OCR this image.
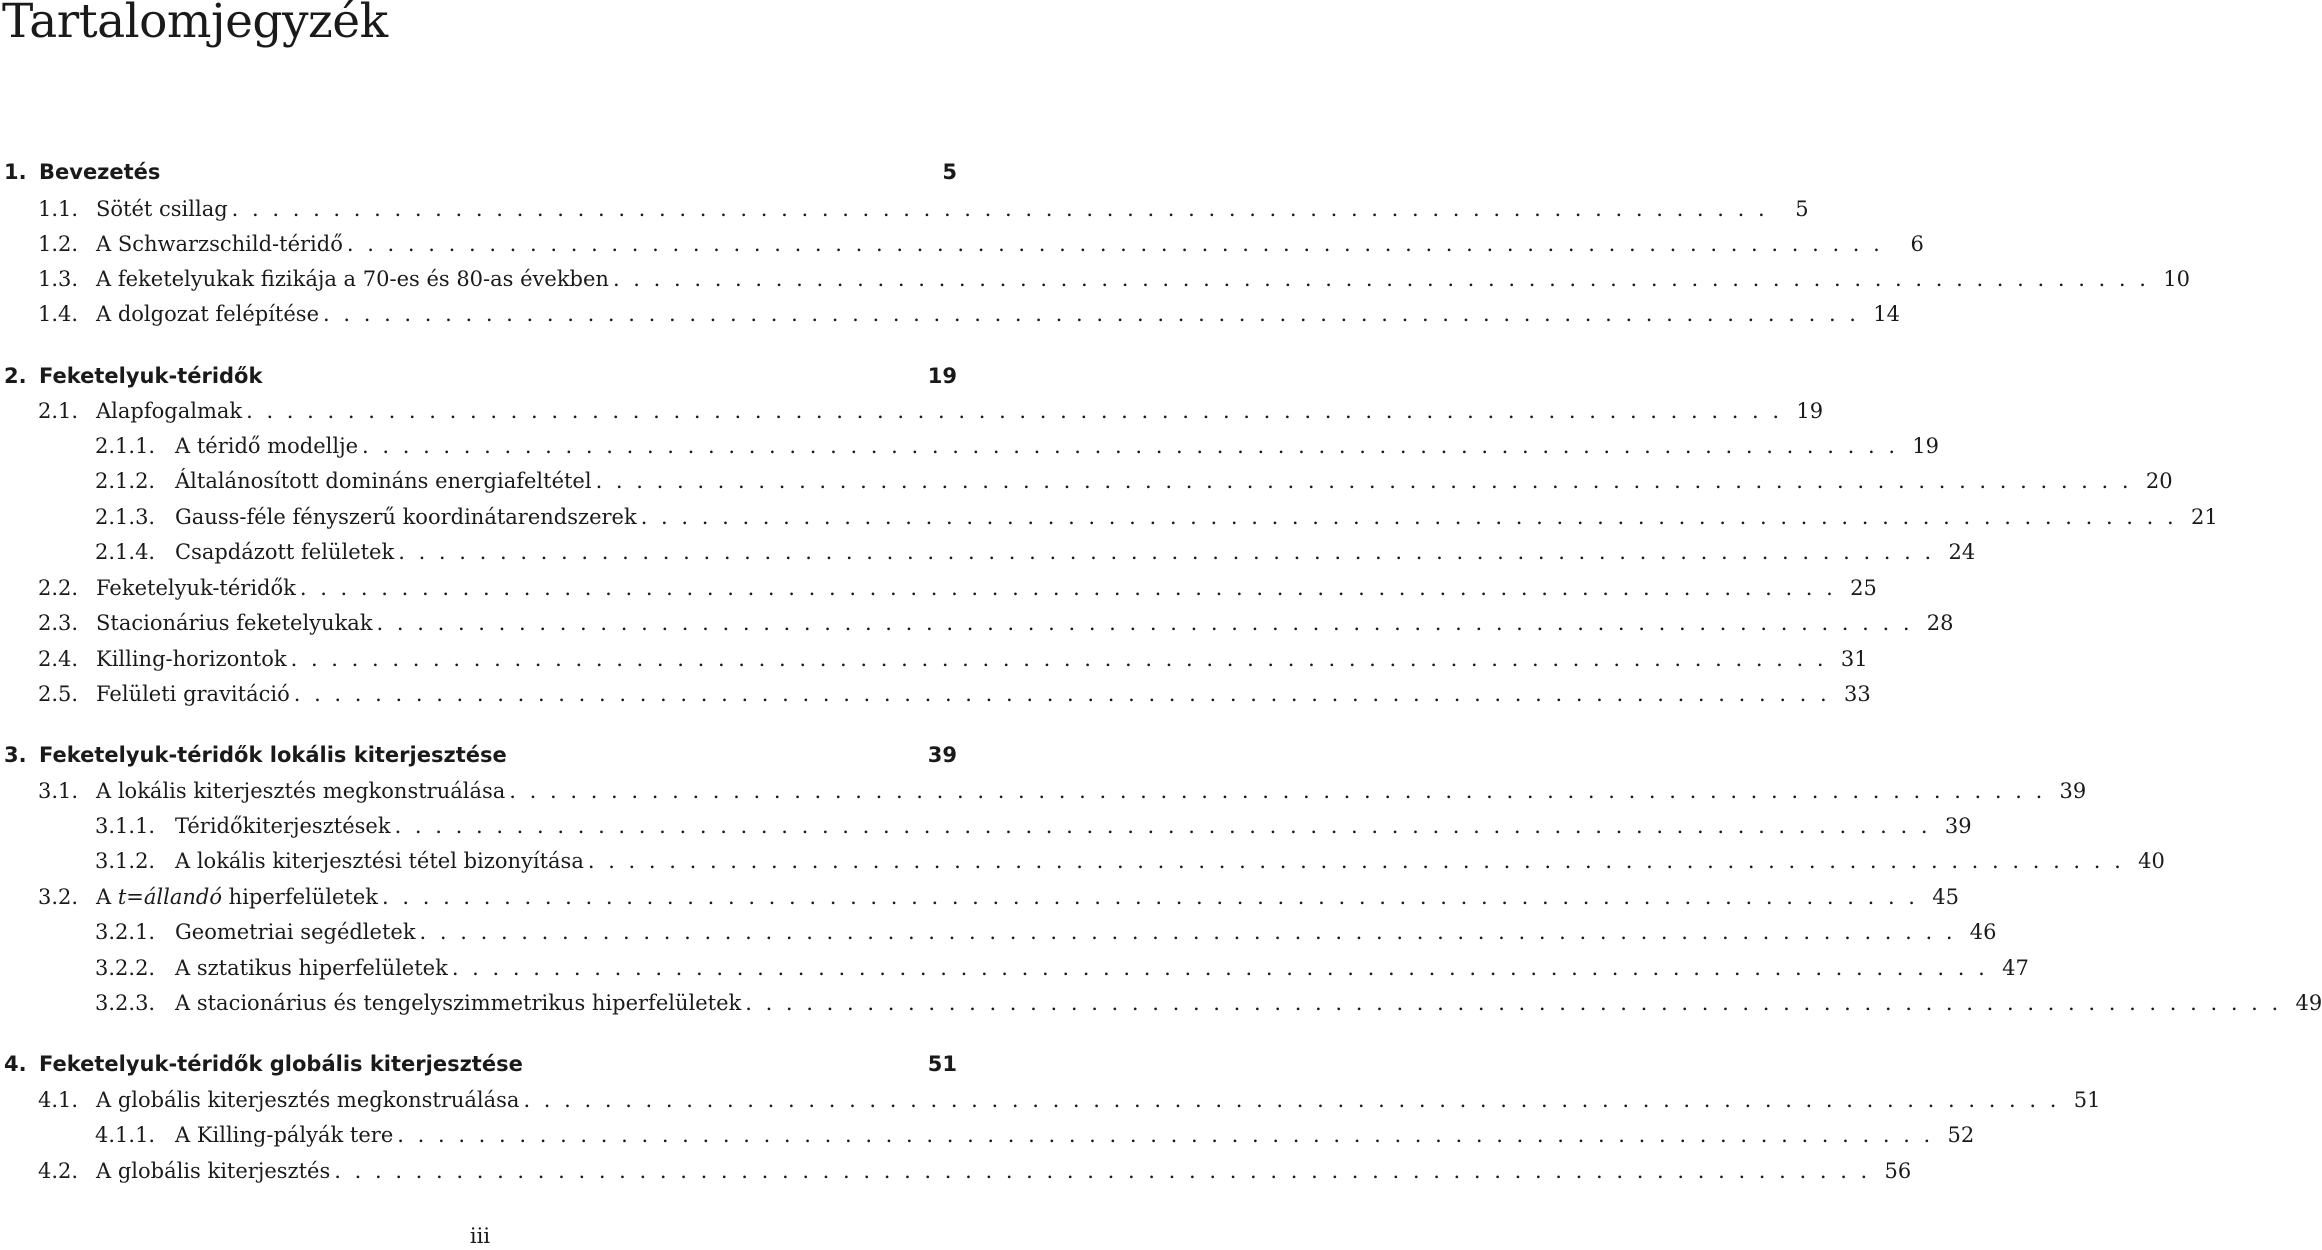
Tartalomjegyzék
1. Bevezetés	5
1.1. Sötét csillag . . .	5
1.2. A Schwarzschild-téridő . . .	6
1.3. A feketelyukak fizikája a 70-es és 80-as években . . .	10
1.4. A dolgozat felépítése . . .	14
2. Feketelyuk-téridők	19
2.1. Alapfogalmak . . .	19
2.1.1. A téridő modellje . . .	19
2.1.2. Általánosított domináns energiafeltétel . . .	20
2.1.3. Gauss-féle fényszerű koordinátarendszerek . . .	21
2.1.4. Csapdázott felületek . . .	24
2.2. Feketelyuk-téridők . . .	25
2.3. Stacionárius feketelyukak . . .	28
2.4. Killing-horizontok . . .	31
2.5. Felületi gravitáció . . .	33
3. Feketelyuk-téridők lokális kiterjesztése	39
3.1. A lokális kiterjesztés megkonstruálása . . .	39
3.1.1. Téridőkiterjesztések . . .	39
3.1.2. A lokális kiterjesztési tétel bizonyítása . . .	40
3.2. A t=állandó hiperfelületek . . .	45
3.2.1. Geometriai segédletek . . .	46
3.2.2. A sztatikus hiperfelületek . . .	47
3.2.3. A stacionárius és tengelyszimmetrikus hiperfelületek . . .	49
4. Feketelyuk-téridők globális kiterjesztése	51
4.1. A globális kiterjesztés megkonstruálása . . .	51
4.1.1. A Killing-pályák tere . . .	52
4.2. A globális kiterjesztés . . .	56
iii
